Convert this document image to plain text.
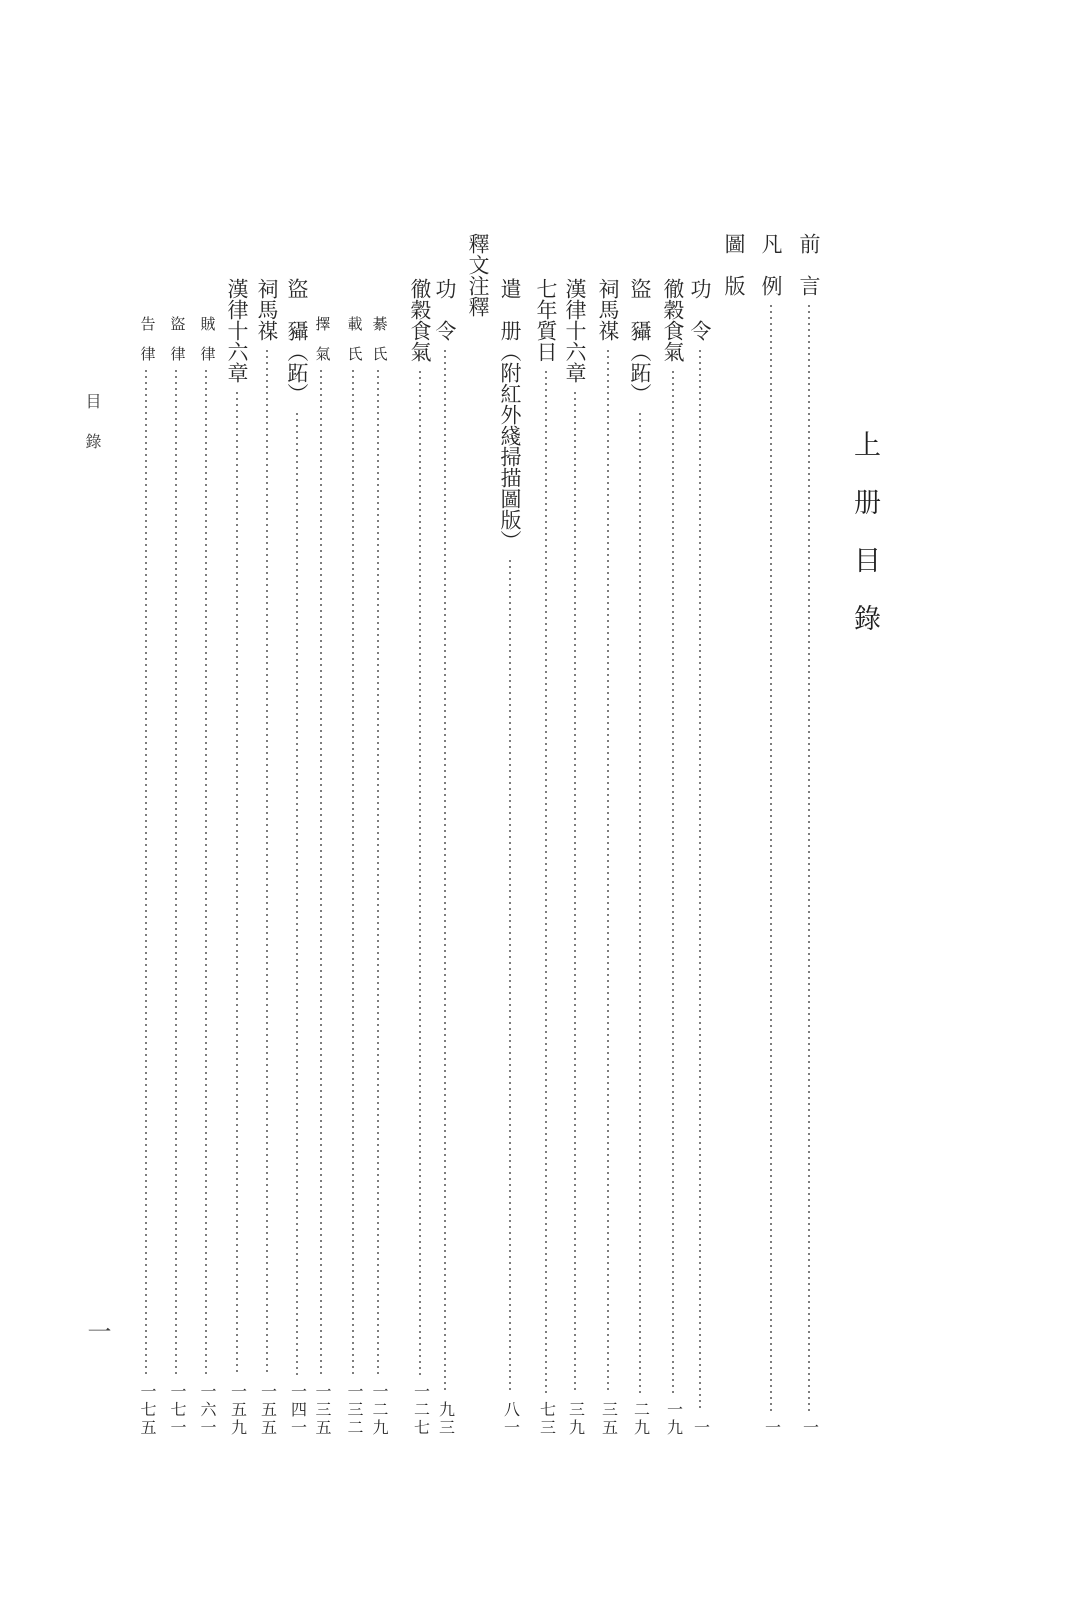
上　册　目　錄
目　錄
一
前　言
一
凡　例
一
圖　版
功　令
一
徹穀食氣
一九
盜　䝕（跖）
二九
祠馬禖
三五
漢律十六章
三九
七年質日
七三
遣　册（附紅外綫掃描圖版）
八一
釋文注釋
功　令
九三
徹穀食氣
一二七
綦　氏
一二九
載　氏
一三二
擇　氣
一三五
盜　䝕（跖）
一四一
祠馬禖
一五五
漢律十六章
一五九
賊　律
一六一
盜　律
一七一
告　律
一七五
